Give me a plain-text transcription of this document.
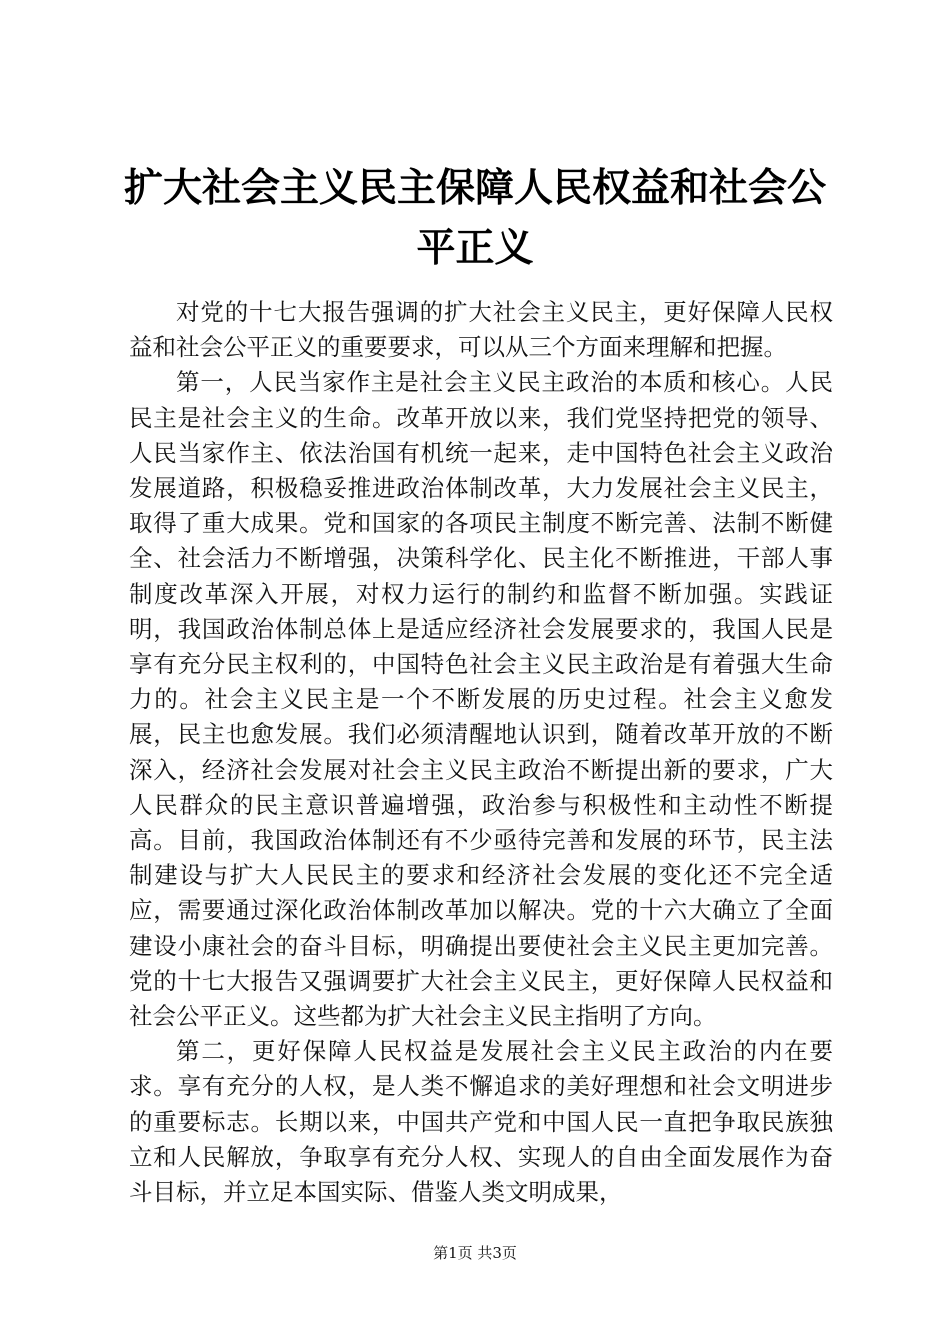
扩大社会主义民主保障人民权益和社会公平正义

对党的十七大报告强调的扩大社会主义民主，更好保障人民权益和社会公平正义的重要要求，可以从三个方面来理解和把握。

第一，人民当家作主是社会主义民主政治的本质和核心。人民民主是社会主义的生命。改革开放以来，我们党坚持把党的领导、人民当家作主、依法治国有机统一起来，走中国特色社会主义政治发展道路，积极稳妥推进政治体制改革，大力发展社会主义民主，取得了重大成果。党和国家的各项民主制度不断完善、法制不断健全、社会活力不断增强，决策科学化、民主化不断推进，干部人事制度改革深入开展，对权力运行的制约和监督不断加强。实践证明，我国政治体制总体上是适应经济社会发展要求的，我国人民是享有充分民主权利的，中国特色社会主义民主政治是有着强大生命力的。社会主义民主是一个不断发展的历史过程。社会主义愈发展，民主也愈发展。我们必须清醒地认识到，随着改革开放的不断深入，经济社会发展对社会主义民主政治不断提出新的要求，广大人民群众的民主意识普遍增强，政治参与积极性和主动性不断提高。目前，我国政治体制还有不少亟待完善和发展的环节，民主法制建设与扩大人民民主的要求和经济社会发展的变化还不完全适应，需要通过深化政治体制改革加以解决。党的十六大确立了全面建设小康社会的奋斗目标，明确提出要使社会主义民主更加完善。党的十七大报告又强调要扩大社会主义民主，更好保障人民权益和社会公平正义。这些都为扩大社会主义民主指明了方向。

第二，更好保障人民权益是发展社会主义民主政治的内在要求。享有充分的人权，是人类不懈追求的美好理想和社会文明进步的重要标志。长期以来，中国共产党和中国人民一直把争取民族独立和人民解放，争取享有充分人权、实现人的自由全面发展作为奋斗目标，并立足本国实际、借鉴人类文明成果，

第1页 共3页
